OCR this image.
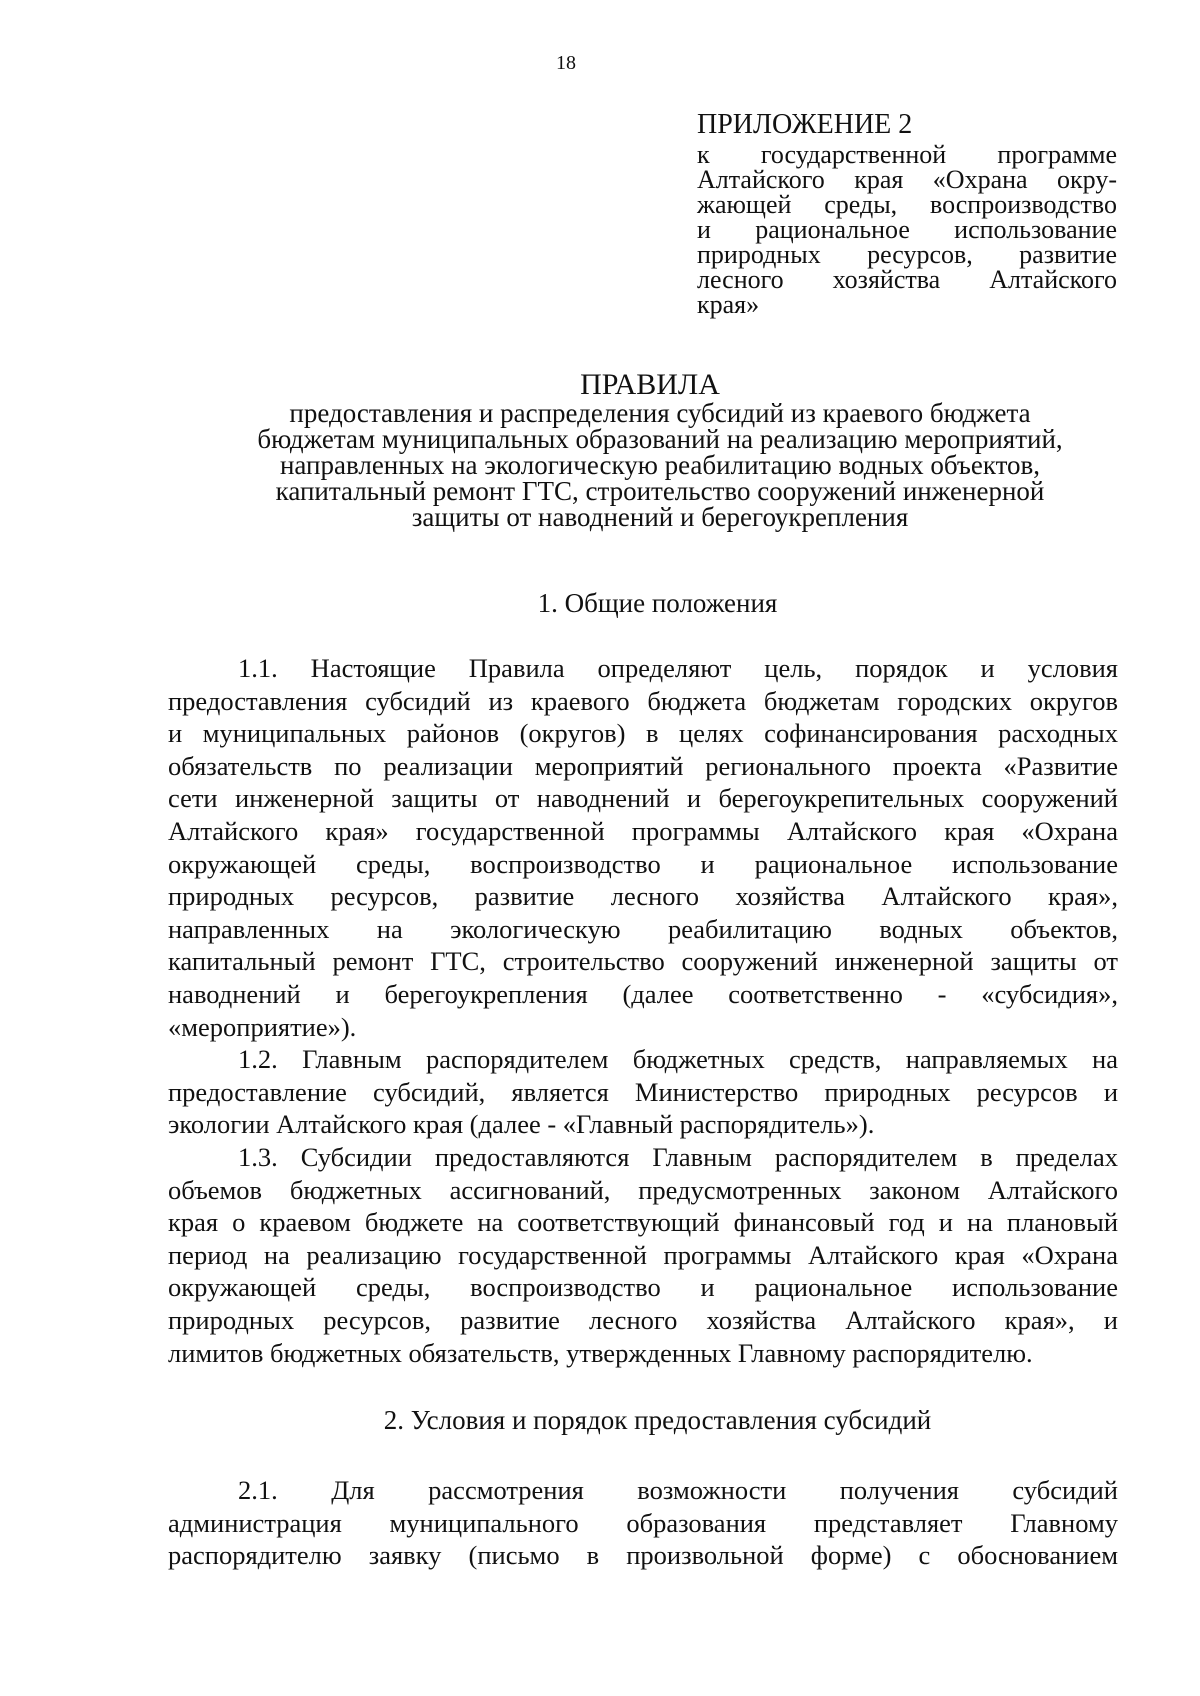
18
ПРИЛОЖЕНИЕ 2
к государственной программе
Алтайского края «Охрана окру-
жающей среды, воспроизводство
и рациональное использование
природных ресурсов, развитие
лесного хозяйства Алтайского
края»
ПРАВИЛА
предоставления и распределения субсидий из краевого бюджета
бюджетам муниципальных образований на реализацию мероприятий,
направленных на экологическую реабилитацию водных объектов,
капитальный ремонт ГТС, строительство сооружений инженерной
защиты от наводнений и берегоукрепления
1. Общие положения
1.1. Настоящие Правила определяют цель, порядок и условия
предоставления субсидий из краевого бюджета бюджетам городских округов
и муниципальных районов (округов) в целях софинансирования расходных
обязательств по реализации мероприятий регионального проекта «Развитие
сети инженерной защиты от наводнений и берегоукрепительных сооружений
Алтайского края» государственной программы Алтайского края «Охрана
окружающей среды, воспроизводство и рациональное использование
природных ресурсов, развитие лесного хозяйства Алтайского края»,
направленных на экологическую реабилитацию водных объектов,
капитальный ремонт ГТС, строительство сооружений инженерной защиты от
наводнений и берегоукрепления (далее соответственно - «субсидия»,
«мероприятие»).
1.2. Главным распорядителем бюджетных средств, направляемых на
предоставление субсидий, является Министерство природных ресурсов и
экологии Алтайского края (далее - «Главный распорядитель»).
1.3. Субсидии предоставляются Главным распорядителем в пределах
объемов бюджетных ассигнований, предусмотренных законом Алтайского
края о краевом бюджете на соответствующий финансовый год и на плановый
период на реализацию государственной программы Алтайского края «Охрана
окружающей среды, воспроизводство и рациональное использование
природных ресурсов, развитие лесного хозяйства Алтайского края», и
лимитов бюджетных обязательств, утвержденных Главному распорядителю.
2. Условия и порядок предоставления субсидий
2.1. Для рассмотрения возможности получения субсидий
администрация муниципального образования представляет Главному
распорядителю заявку (письмо в произвольной форме) с обоснованием
